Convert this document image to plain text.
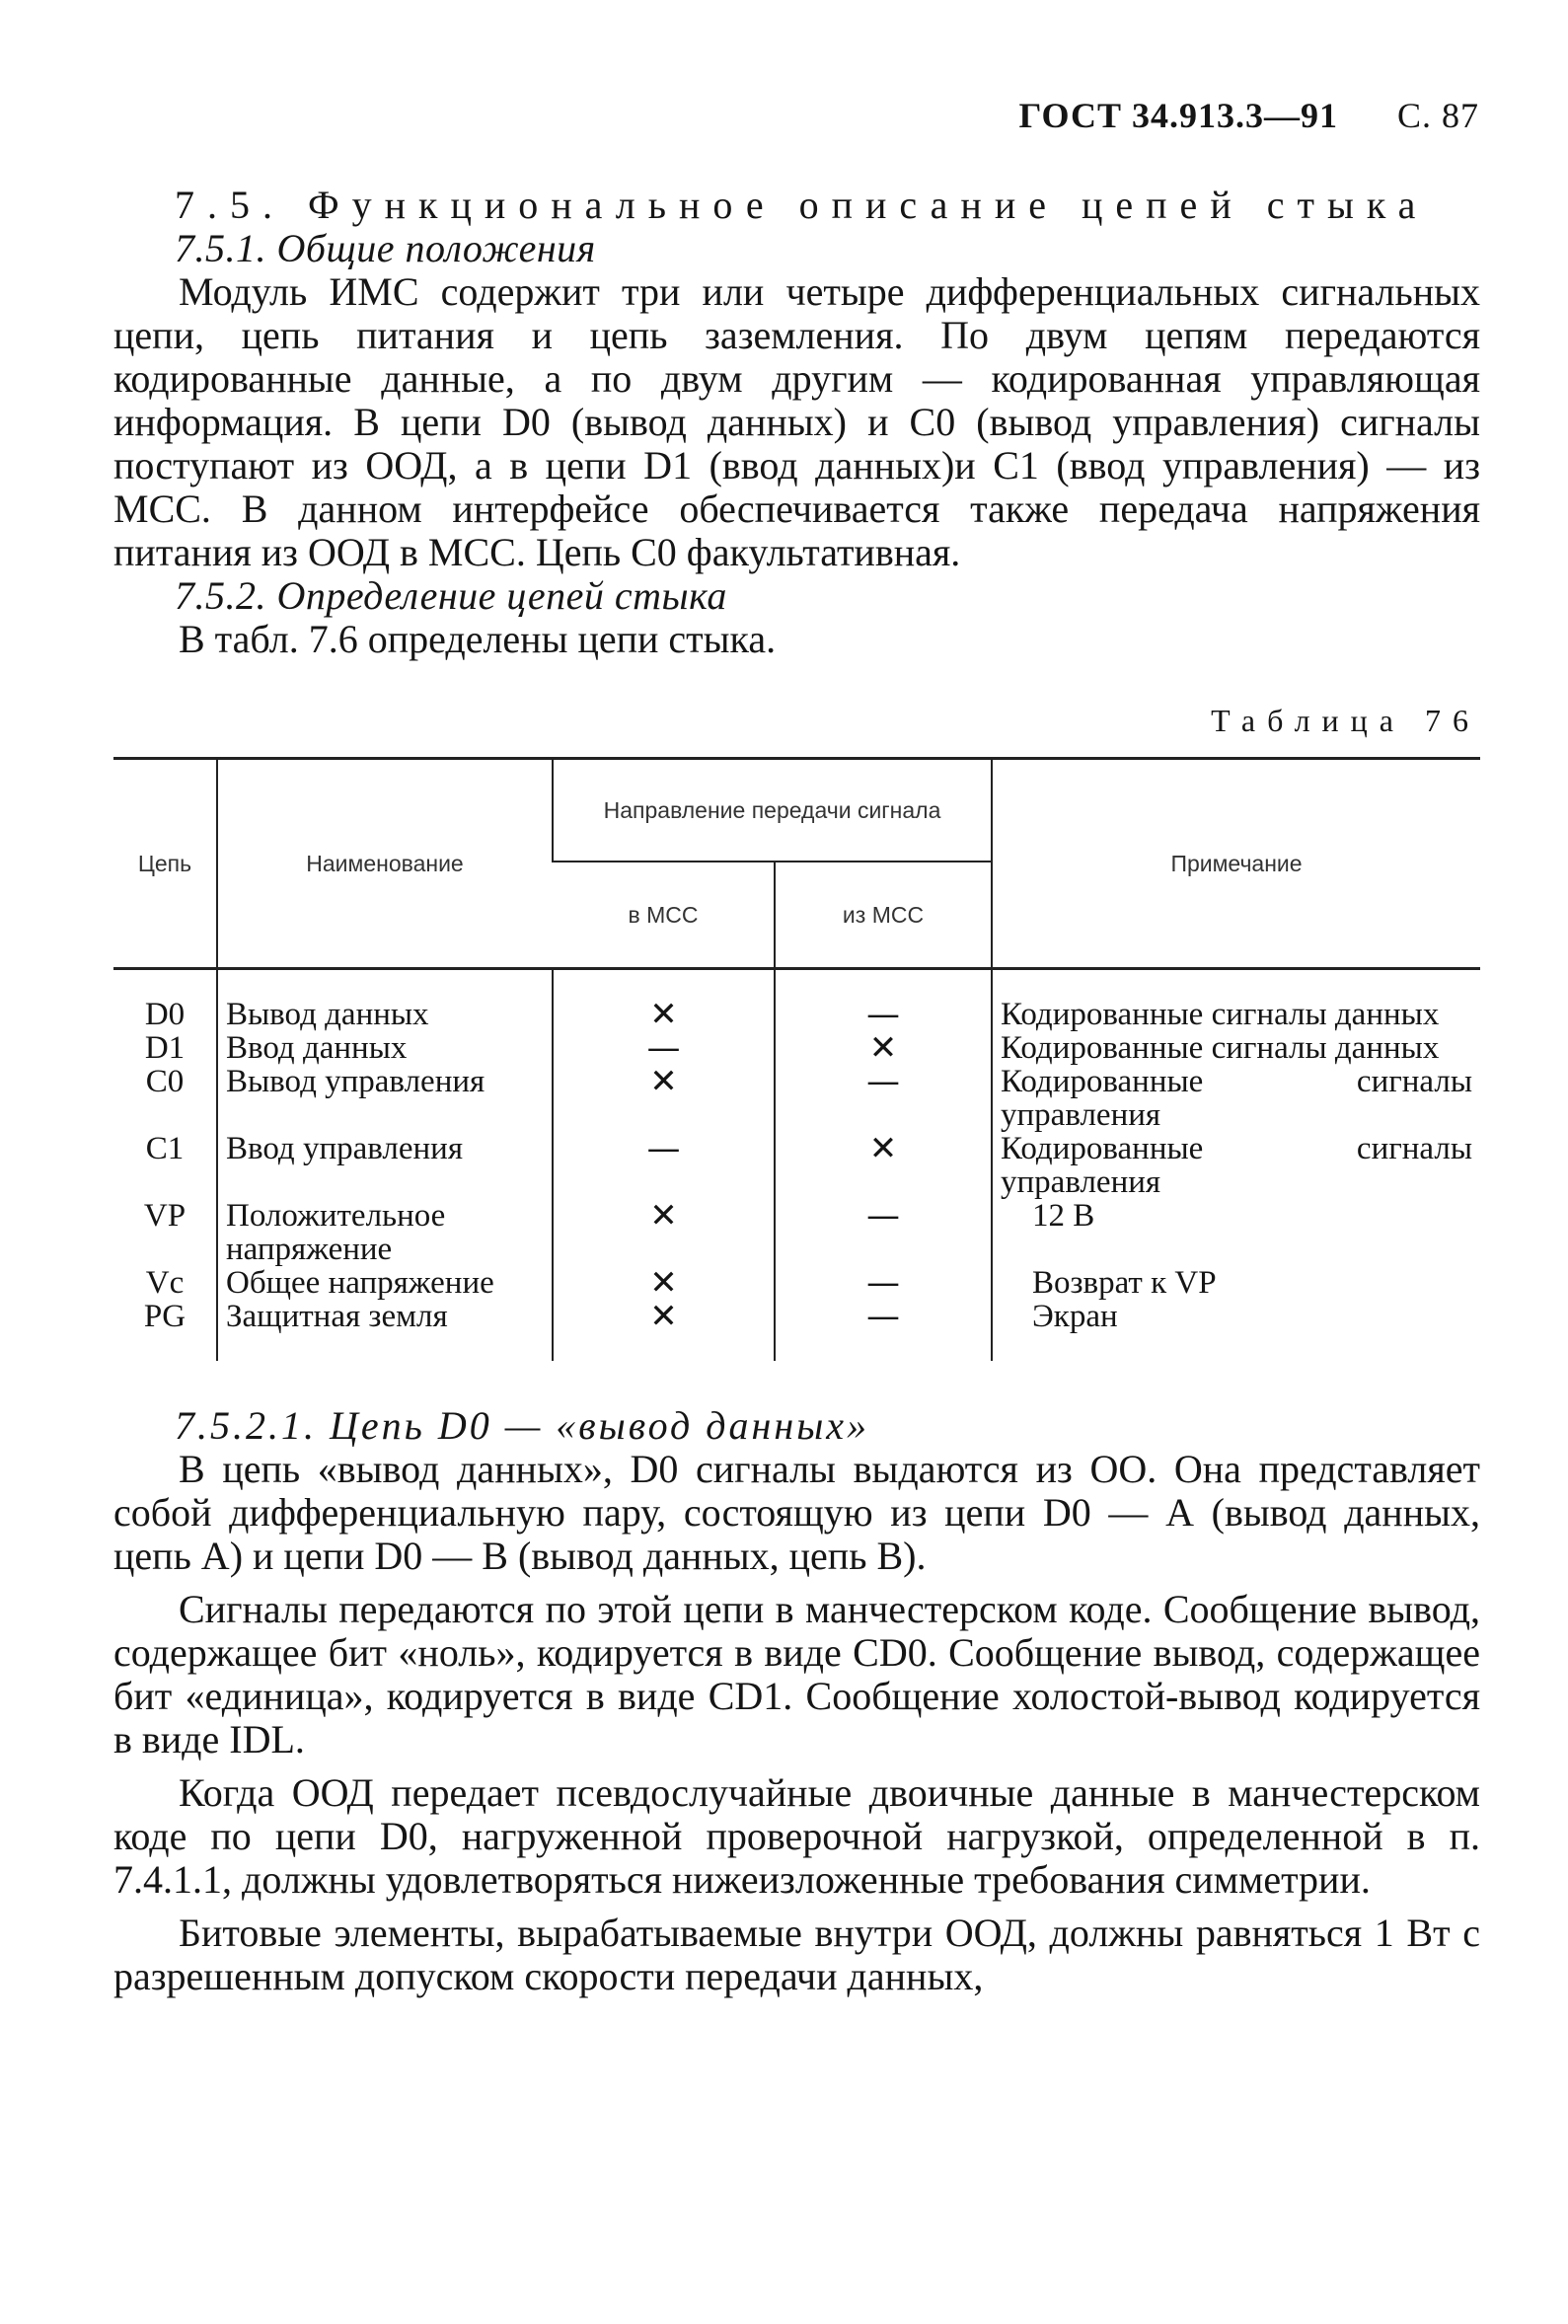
ГОСТ 34.913.3—91 С. 87

7.5. Функциональное описание цепей стыка

7.5.1. Общие положения

Модуль ИМС содержит три или четыре дифференциальных сигнальных цепи, цепь питания и цепь заземления. По двум цепям передаются кодированные данные, а по двум другим — кодированная управляющая информация. В цепи D0 (вывод данных) и C0 (вывод управления) сигналы поступают из ООД, а в цепи D1 (ввод данных)и C1 (ввод управления) — из МСС. В данном интерфейсе обеспечивается также передача напряжения питания из ООД в МСС. Цепь C0 факультативная.

7.5.2. Определение цепей стыка

В табл. 7.6 определены цепи стыка.

Таблица 76
Цепь	Наименование	Направление передачи сигнала		Примечание
		в МСС	из МСС	
D0	Вывод данных	✕	—	Кодированные сигналы данных
D1	Ввод данных	—	✕	Кодированные сигналы данных
C0	Вывод управления	✕	—	Кодированные сигналы управления
C1	Ввод управления	—	✕	Кодированные сигналы управления
VP	Положительное напряжение	✕	—	12 В
Vc	Общее напряжение	✕	—	Возврат к VP
PG	Защитная земля	✕	—	Экран

7.5.2.1. Цепь D0 — «вывод данных»

В цепь «вывод данных», D0 сигналы выдаются из ОО. Она представляет собой дифференциальную пару, состоящую из цепи D0 — А (вывод данных, цепь А) и цепи D0 — В (вывод данных, цепь В).

Сигналы передаются по этой цепи в манчестерском коде. Сообщение вывод, содержащее бит «ноль», кодируется в виде CD0. Сообщение вывод, содержащее бит «единица», кодируется в виде CD1. Сообщение холостой-вывод кодируется в виде IDL.

Когда ООД передает псевдослучайные двоичные данные в манчестерском коде по цепи D0, нагруженной проверочной нагрузкой, определенной в п. 7.4.1.1, должны удовлетворяться нижеизложенные требования симметрии.

Битовые элементы, вырабатываемые внутри ООД, должны равняться 1 Вт с разрешенным допуском скорости передачи данных,
